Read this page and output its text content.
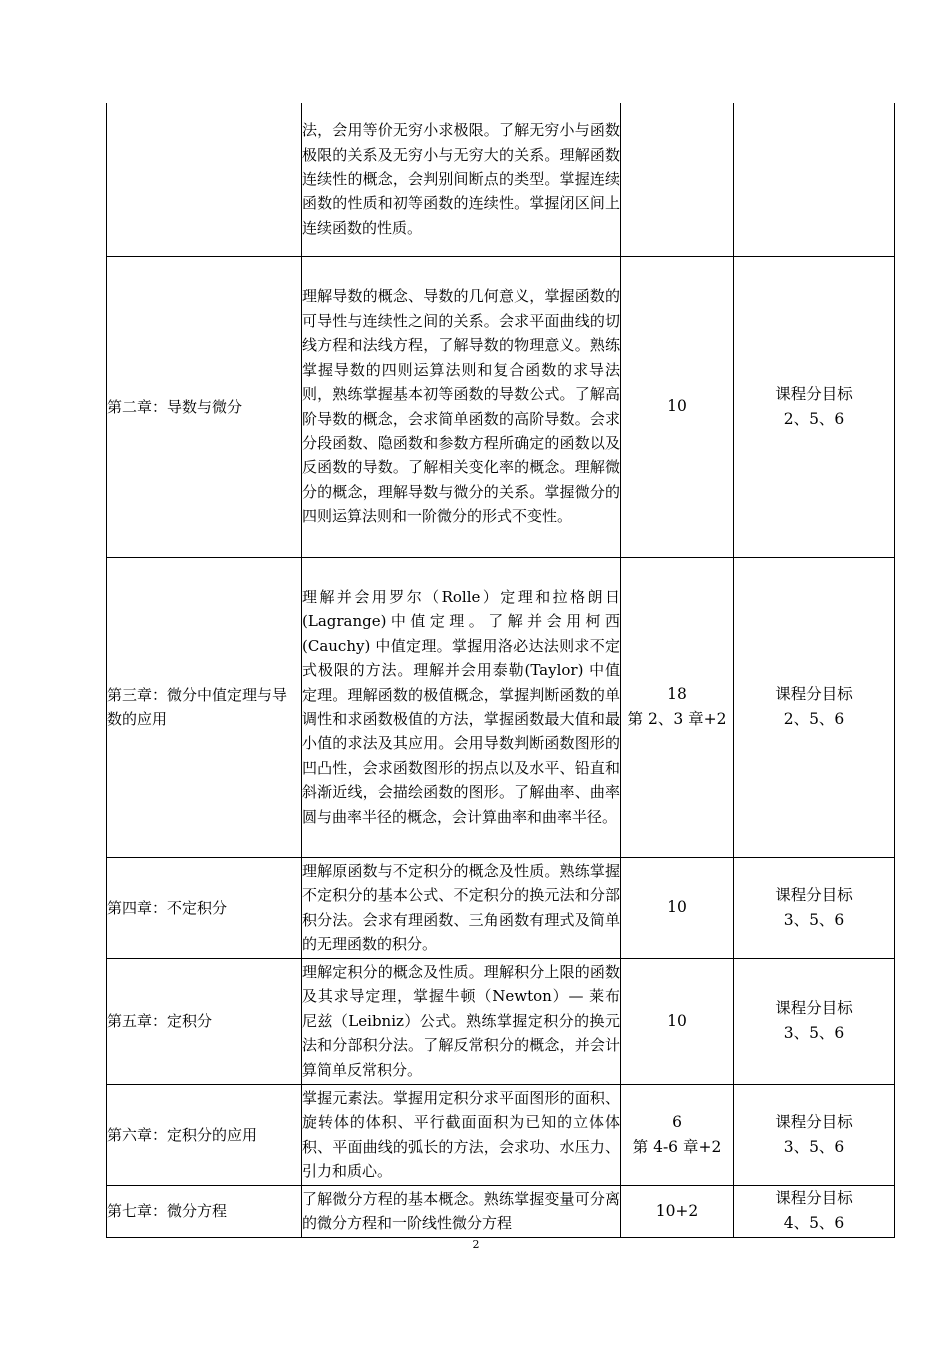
	法，会用等价无穷小求极限。了解无穷小与函数极限的关系及无穷小与无穷大的关系。理解函数连续性的概念，会判别间断点的类型。掌握连续函数的性质和初等函数的连续性。掌握闭区间上连续函数的性质。	

第二章：导数与微分	理解导数的概念、导数的几何意义，掌握函数的可导性与连续性之间的关系。会求平面曲线的切线方程和法线方程，了解导数的物理意义。熟练掌握导数的四则运算法则和复合函数的求导法则，熟练掌握基本初等函数的导数公式。了解高阶导数的概念，会求简单函数的高阶导数。会求分段函数、隐函数和参数方程所确定的函数以及反函数的导数。了解相关变化率的概念。理解微分的概念，理解导数与微分的关系。掌握微分的四则运算法则和一阶微分的形式不变性。	10	课程分目标
2、5、6

第三章：微分中值定理与导数的应用	理解并会用罗尔（Rolle）定理和拉格朗日(Lagrange)中值定理。了解并会用柯西(Cauchy) 中值定理。掌握用洛必达法则求不定式极限的方法。理解并会用泰勒(Taylor) 中值定理。理解函数的极值概念，掌握判断函数的单调性和求函数极值的方法，掌握函数最大值和最小值的求法及其应用。会用导数判断函数图形的凹凸性，会求函数图形的拐点以及水平、铅直和斜渐近线，会描绘函数的图形。了解曲率、曲率圆与曲率半径的概念，会计算曲率和曲率半径。	18
第 2、3 章+2	课程分目标
2、5、6

第四章：不定积分	理解原函数与不定积分的概念及性质。熟练掌握不定积分的基本公式、不定积分的换元法和分部积分法。会求有理函数、三角函数有理式及简单的无理函数的积分。	10	课程分目标
3、5、6

第五章：定积分	理解定积分的概念及性质。理解积分上限的函数及其求导定理，掌握牛顿（Newton）— 莱布尼兹（Leibniz）公式。熟练掌握定积分的换元法和分部积分法。了解反常积分的概念，并会计算简单反常积分。	10	课程分目标
3、5、6

第六章：定积分的应用	掌握元素法。掌握用定积分求平面图形的面积、旋转体的体积、平行截面面积为已知的立体体积、平面曲线的弧长的方法，会求功、水压力、引力和质心。	6
第 4-6 章+2	课程分目标
3、5、6

第七章：微分方程	了解微分方程的基本概念。熟练掌握变量可分离的微分方程和一阶线性微分方程	10+2	课程分目标
4、5、6
2
